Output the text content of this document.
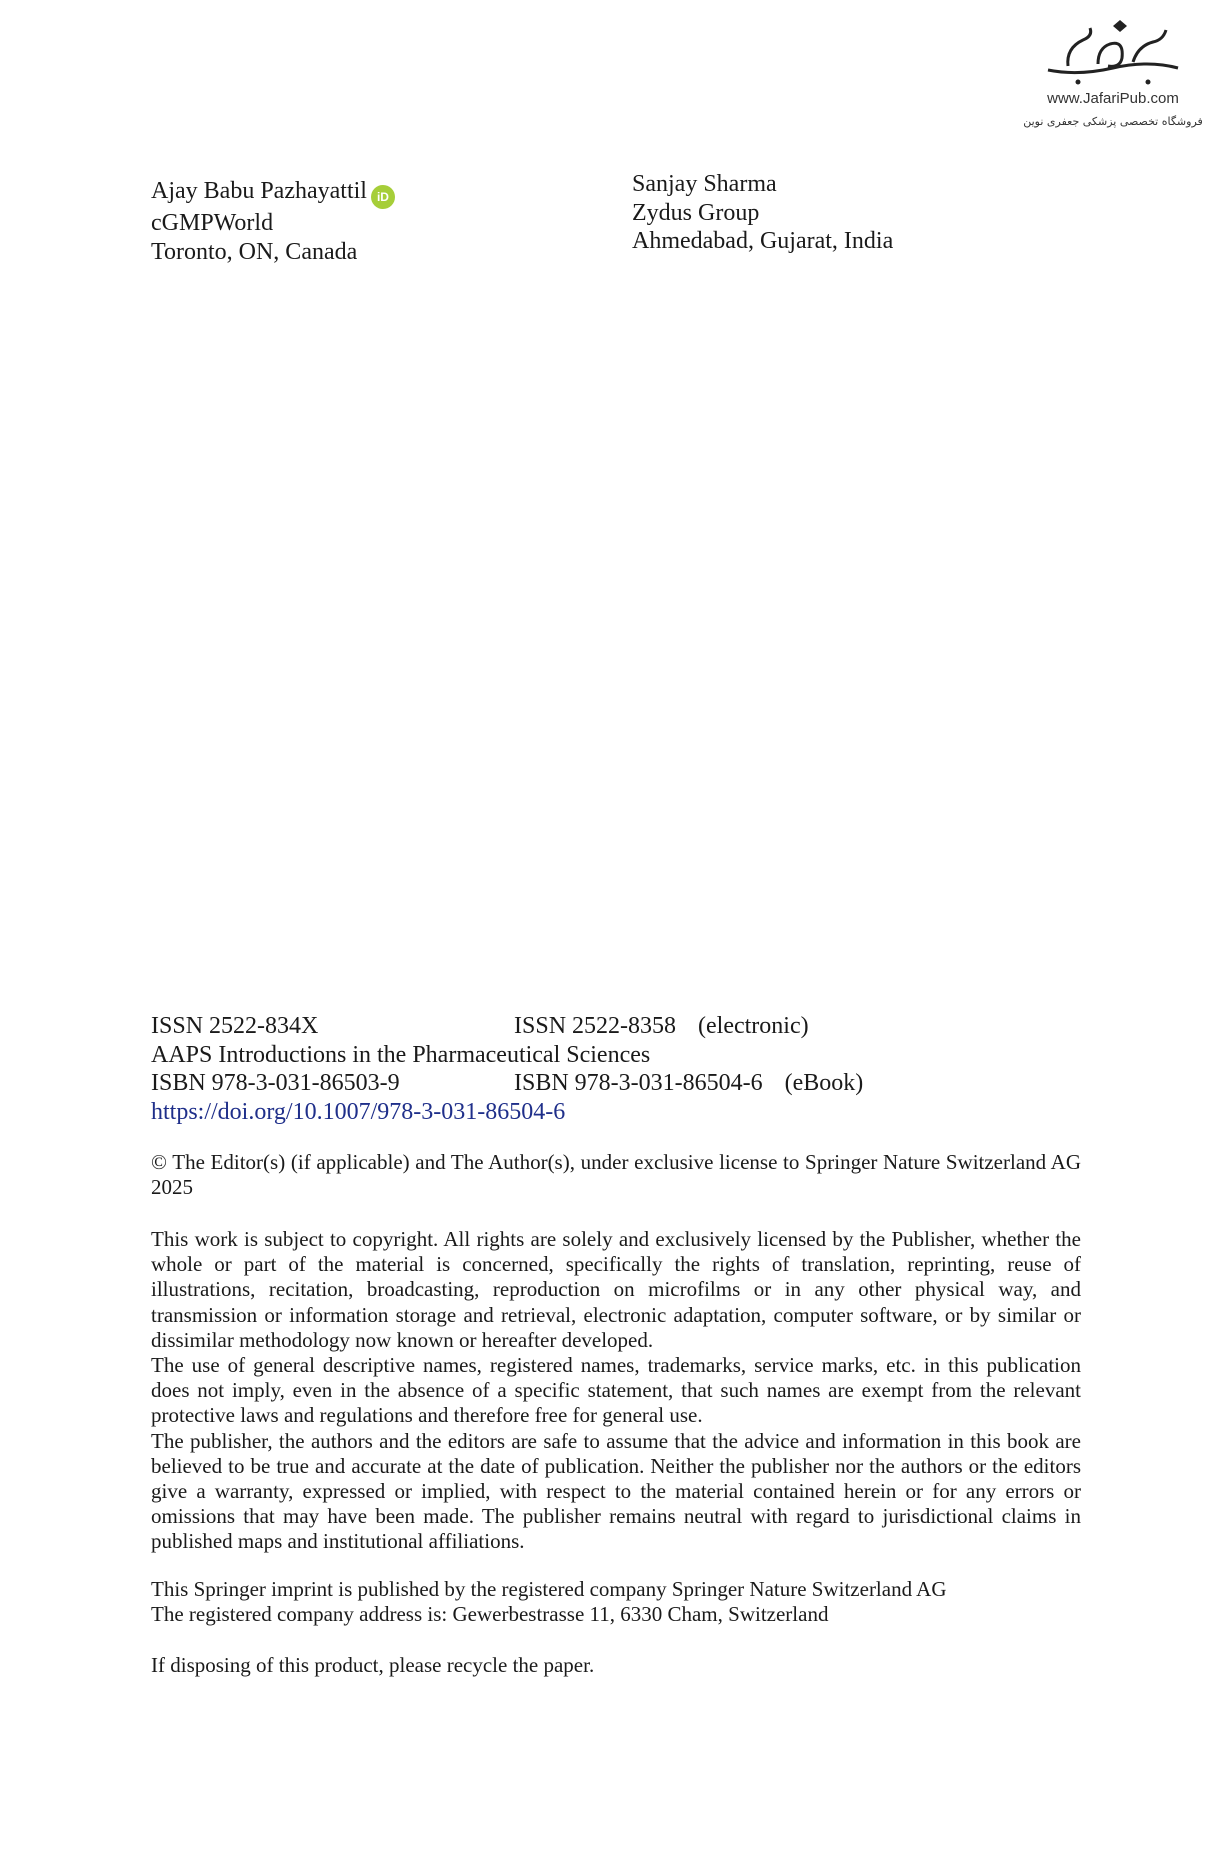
www.JafariPub.com
فروشگاه تخصصی پزشکی جعفری نوین
Ajay Babu Pazhayattil iD
cGMPWorld
Toronto, ON, Canada
Sanjay Sharma
Zydus Group
Ahmedabad, Gujarat, India
ISSN 2522-834X	ISSN 2522-8358 (electronic)
AAPS Introductions in the Pharmaceutical Sciences
ISBN 978-3-031-86503-9	ISBN 978-3-031-86504-6 (eBook)
https://doi.org/10.1007/978-3-031-86504-6
© The Editor(s) (if applicable) and The Author(s), under exclusive license to Springer Nature Switzerland AG 2025

This work is subject to copyright. All rights are solely and exclusively licensed by the Publisher, whether the whole or part of the material is concerned, specifically the rights of translation, reprinting, reuse of illustrations, recitation, broadcasting, reproduction on microfilms or in any other physical way, and transmission or information storage and retrieval, electronic adaptation, computer software, or by similar or dissimilar methodology now known or hereafter developed.

The use of general descriptive names, registered names, trademarks, service marks, etc. in this publication does not imply, even in the absence of a specific statement, that such names are exempt from the relevant protective laws and regulations and therefore free for general use.

The publisher, the authors and the editors are safe to assume that the advice and information in this book are believed to be true and accurate at the date of publication. Neither the publisher nor the authors or the editors give a warranty, expressed or implied, with respect to the material contained herein or for any errors or omissions that may have been made. The publisher remains neutral with regard to jurisdictional claims in published maps and institutional affiliations.

This Springer imprint is published by the registered company Springer Nature Switzerland AG
The registered company address is: Gewerbestrasse 11, 6330 Cham, Switzerland
If disposing of this product, please recycle the paper.
